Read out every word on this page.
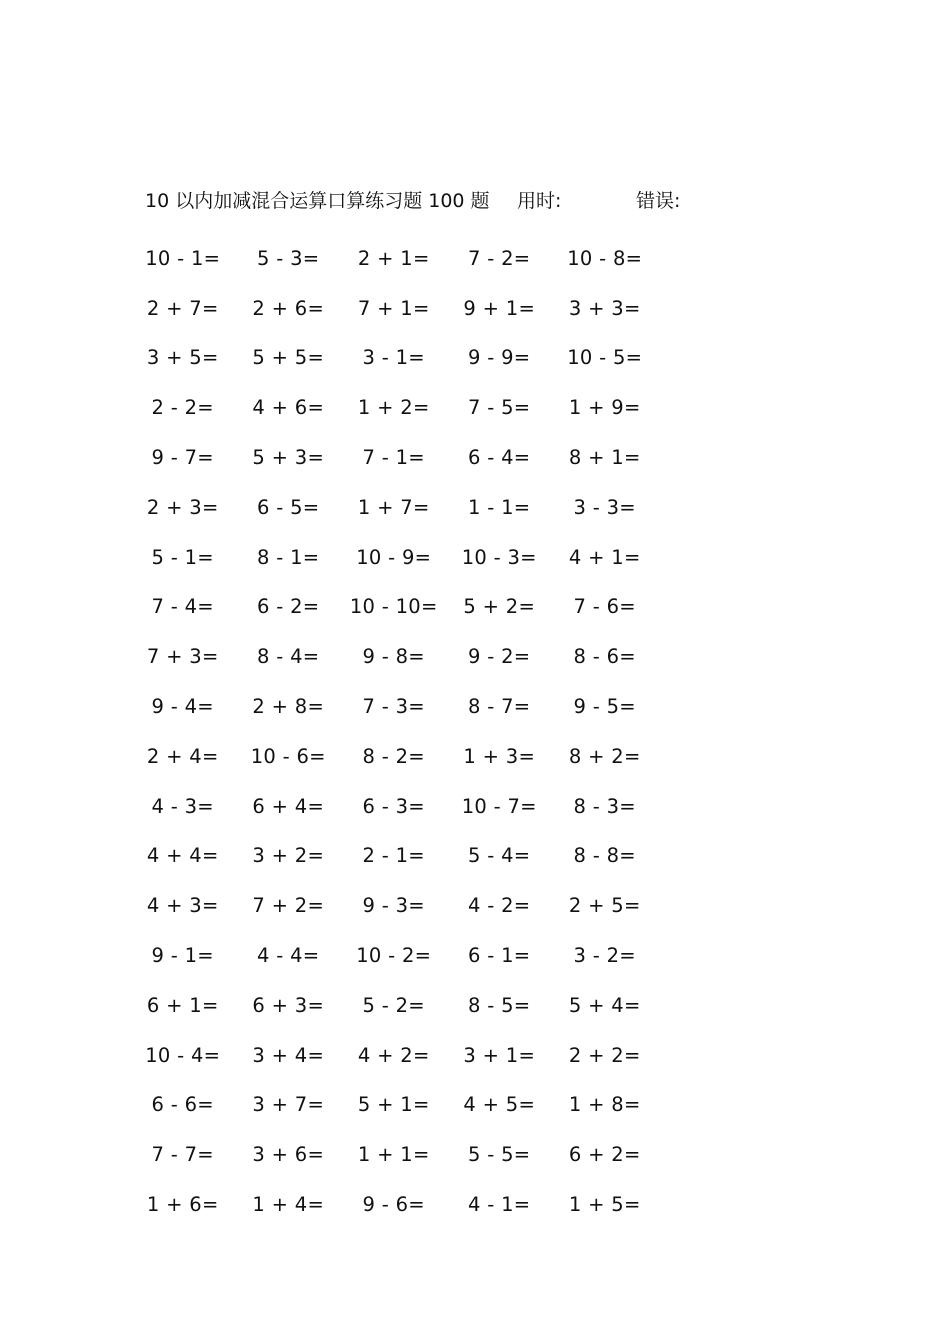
10 以内加减混合运算口算练习题 100 题 用时:	错误:
10 - 1=	5 - 3=	2 + 1=	7 - 2=	10 - 8=
2 + 7=	2 + 6=	7 + 1=	9 + 1=	3 + 3=
3 + 5=	5 + 5=	3 - 1=	9 - 9=	10 - 5=
2 - 2=	4 + 6=	1 + 2=	7 - 5=	1 + 9=
9 - 7=	5 + 3=	7 - 1=	6 - 4=	8 + 1=
2 + 3=	6 - 5=	1 + 7=	1 - 1=	3 - 3=
5 - 1=	8 - 1=	10 - 9=	10 - 3=	4 + 1=
7 - 4=	6 - 2=	10 - 10=	5 + 2=	7 - 6=
7 + 3=	8 - 4=	9 - 8=	9 - 2=	8 - 6=
9 - 4=	2 + 8=	7 - 3=	8 - 7=	9 - 5=
2 + 4=	10 - 6=	8 - 2=	1 + 3=	8 + 2=
4 - 3=	6 + 4=	6 - 3=	10 - 7=	8 - 3=
4 + 4=	3 + 2=	2 - 1=	5 - 4=	8 - 8=
4 + 3=	7 + 2=	9 - 3=	4 - 2=	2 + 5=
9 - 1=	4 - 4=	10 - 2=	6 - 1=	3 - 2=
6 + 1=	6 + 3=	5 - 2=	8 - 5=	5 + 4=
10 - 4=	3 + 4=	4 + 2=	3 + 1=	2 + 2=
6 - 6=	3 + 7=	5 + 1=	4 + 5=	1 + 8=
7 - 7=	3 + 6=	1 + 1=	5 - 5=	6 + 2=
1 + 6=	1 + 4=	9 - 6=	4 - 1=	1 + 5=
